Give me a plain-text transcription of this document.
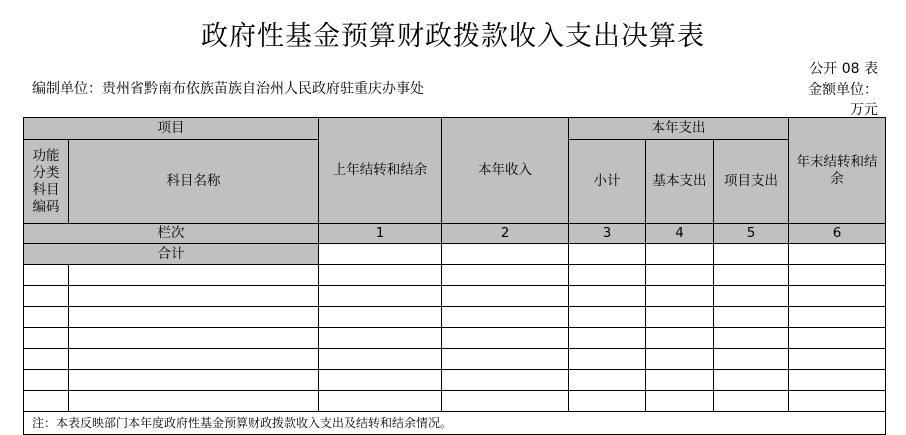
政府性基金预算财政拨款收入支出决算表
公开 08 表
金额单位：
万元
编制单位：贵州省黔南布依族苗族自治州人民政府驻重庆办事处
项目		上年结转和结余	本年收入	本年支出			年末结转和结余
功能分类科目编码	科目名称			小计	基本支出	项目支出	
栏次		1	2	3	4	5	6
合计							

注：本表反映部门本年度政府性基金预算财政拨款收入支出及结转和结余情况。							
